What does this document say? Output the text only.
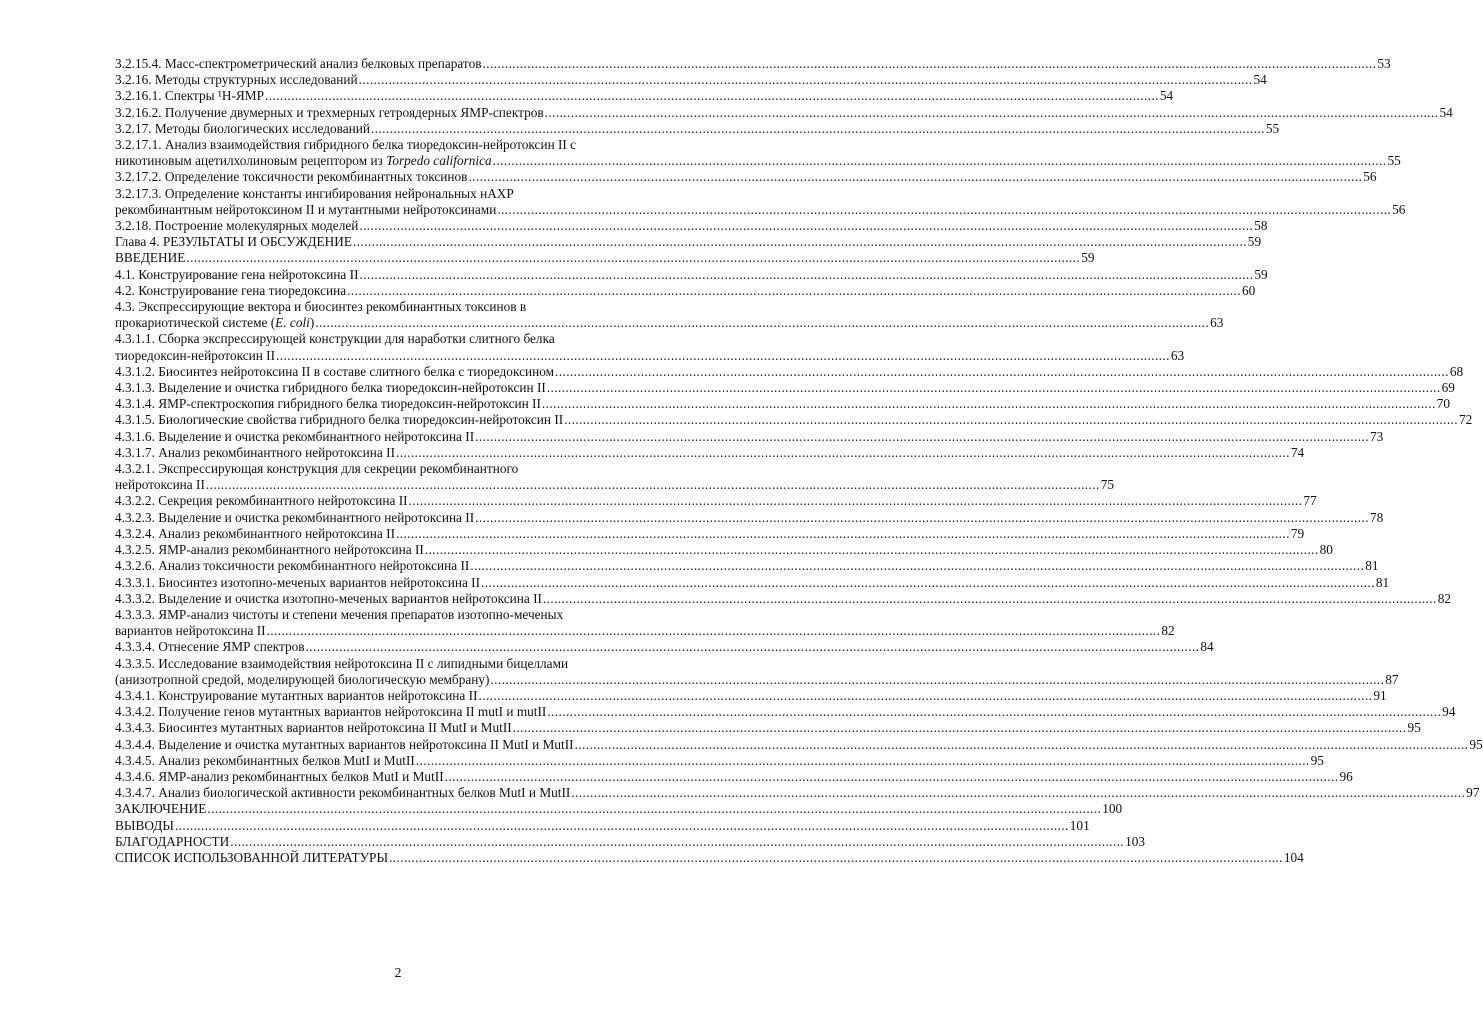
3.2.15.4. Масс-спектрометрический анализ белковых препаратов .....	53
3.2.16. Методы структурных исследований .....	54
3.2.16.1. Спектры ¹Н-ЯМР .....	54
3.2.16.2. Получение двумерных и трехмерных гетроядерных ЯМР-спектров .....	54
3.2.17. Методы биологических исследований .....	55
3.2.17.1. Анализ взаимодействия гибридного белка тиоредоксин-нейротоксин II с
никотиновым ацетилхолиновым рецептором из Torpedo californica .....	55
3.2.17.2. Определение токсичности рекомбинантных токсинов .....	56
3.2.17.3. Определение константы ингибирования нейрональных нАХР
рекомбинантным нейротоксином II и мутантными нейротоксинами .....	56
3.2.18. Построение молекулярных моделей .....	58
Глава 4. РЕЗУЛЬТАТЫ И ОБСУЖДЕНИЕ .....	59
ВВЕДЕНИЕ .....	59
4.1. Конструирование гена нейротоксина II .....	59
4.2. Конструирование гена тиоредоксина .....	60
4.3. Экспрессирующие вектора и биосинтез рекомбинантных токсинов в
прокариотической системе (E. coli) .....	63
4.3.1.1. Сборка экспрессирующей конструкции для наработки слитного белка
тиоредоксин-нейротоксин II .....	63
4.3.1.2. Биосинтез нейротоксина II в составе слитного белка с тиоредоксином .....	68
4.3.1.3. Выделение и очистка гибридного белка тиоредоксин-нейротоксин II .....	69
4.3.1.4. ЯМР-спектроскопия гибридного белка тиоредоксин-нейротоксин II .....	70
4.3.1.5. Биологические свойства гибридного белка тиоредоксин-нейротоксин II .....	72
4.3.1.6. Выделение и очистка рекомбинантного нейротоксина II .....	73
4.3.1.7. Анализ рекомбинантного нейротоксина II .....	74
4.3.2.1. Экспрессирующая конструкция для секреции рекомбинантного
нейротоксина II .....	75
4.3.2.2. Секреция рекомбинантного нейротоксина II .....	77
4.3.2.3. Выделение и очистка рекомбинантного нейротоксина II .....	78
4.3.2.4. Анализ рекомбинантного нейротоксина II .....	79
4.3.2.5. ЯМР-анализ рекомбинантного нейротоксина II .....	80
4.3.2.6. Анализ токсичности рекомбинантного нейротоксина II .....	81
4.3.3.1. Биосинтез изотопно-меченых вариантов нейротоксина II .....	81
4.3.3.2. Выделение и очистка изотопно-меченых вариантов нейротоксина II .....	82
4.3.3.3. ЯМР-анализ чистоты и степени мечения препаратов изотопно-меченых
вариантов нейротоксина II .....	82
4.3.3.4. Отнесение ЯМР спектров .....	84
4.3.3.5. Исследование взаимодействия нейротоксина II с липидными бицеллами
(анизотропной средой, моделирующей биологическую мембрану) .....	87
4.3.4.1. Конструирование мутантных вариантов нейротоксина II .....	91
4.3.4.2. Получение генов мутантных вариантов нейротоксина II mutI и mutII .....	94
4.3.4.3. Биосинтез мутантных вариантов нейротоксина II MutI и MutII .....	95
4.3.4.4. Выделение и очистка мутантных вариантов нейротоксина II MutI и MutII .....	95
4.3.4.5. Анализ рекомбинантных белков MutI и MutII .....	95
4.3.4.6. ЯМР-анализ рекомбинантных белков MutI и MutII .....	96
4.3.4.7. Анализ биологической активности рекомбинантных белков MutI и MutII .....	97
ЗАКЛЮЧЕНИЕ .....	100
ВЫВОДЫ .....	101
БЛАГОДАРНОСТИ .....	103
СПИСОК ИСПОЛЬЗОВАННОЙ ЛИТЕРАТУРЫ .....	104
2
